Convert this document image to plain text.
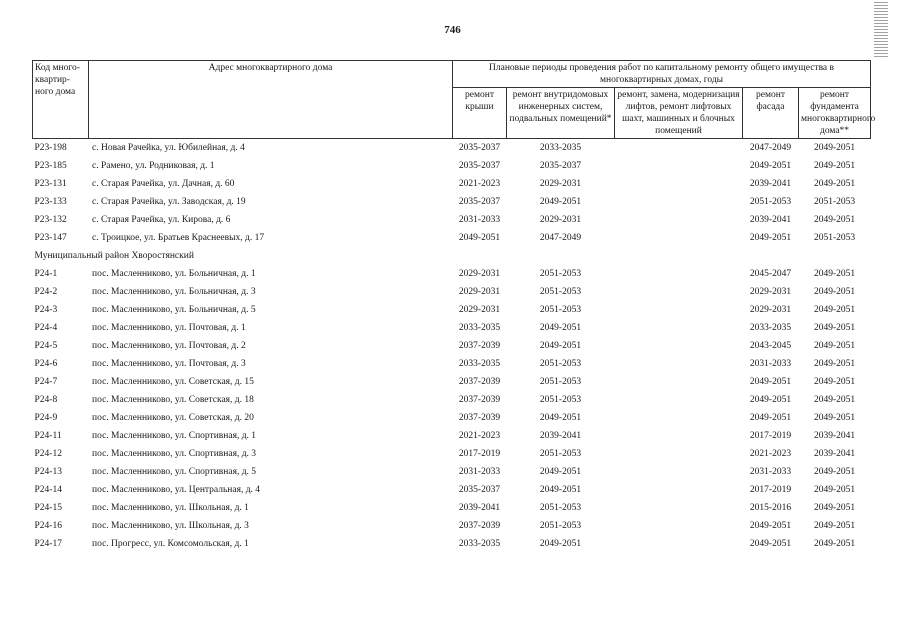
746
Код много-квартир-ного дома	Адрес многоквартирного дома	Плановые периоды проведения работ по капитальному ремонту общего имущества в многоквартирных домах, годы				
		ремонт крыши	ремонт внутридомовых инженерных систем, подвальных помещений*	ремонт, замена, модернизация лифтов, ремонт лифтовых шахт, машинных и блочных помещений	ремонт фасада	ремонт фундамента многоквартирного дома**
P23-198	с. Новая Рачейка, ул. Юбилейная, д. 4	2035-2037	2033-2035		2047-2049	2049-2051
P23-185	с. Рамено, ул. Родниковая, д. 1	2035-2037	2035-2037		2049-2051	2049-2051
P23-131	с. Старая Рачейка, ул. Дачная, д. 60	2021-2023	2029-2031		2039-2041	2049-2051
P23-133	с. Старая Рачейка, ул. Заводская, д. 19	2035-2037	2049-2051		2051-2053	2051-2053
P23-132	с. Старая Рачейка, ул. Кирова, д. 6	2031-2033	2029-2031		2039-2041	2049-2051
P23-147	с. Троицкое, ул. Братьев Краснеевых, д. 17	2049-2051	2047-2049		2049-2051	2051-2053
Муниципальный район Хворостянский						
P24-1	пос. Масленниково, ул. Больничная, д. 1	2029-2031	2051-2053		2045-2047	2049-2051
P24-2	пос. Масленниково, ул. Больничная, д. 3	2029-2031	2051-2053		2029-2031	2049-2051
P24-3	пос. Масленниково, ул. Больничная, д. 5	2029-2031	2051-2053		2029-2031	2049-2051
P24-4	пос. Масленниково, ул. Почтовая, д. 1	2033-2035	2049-2051		2033-2035	2049-2051
P24-5	пос. Масленниково, ул. Почтовая, д. 2	2037-2039	2049-2051		2043-2045	2049-2051
P24-6	пос. Масленниково, ул. Почтовая, д. 3	2033-2035	2051-2053		2031-2033	2049-2051
P24-7	пос. Масленниково, ул. Советская, д. 15	2037-2039	2051-2053		2049-2051	2049-2051
P24-8	пос. Масленниково, ул. Советская, д. 18	2037-2039	2051-2053		2049-2051	2049-2051
P24-9	пос. Масленниково, ул. Советская, д. 20	2037-2039	2049-2051		2049-2051	2049-2051
P24-11	пос. Масленниково, ул. Спортивная, д. 1	2021-2023	2039-2041		2017-2019	2039-2041
P24-12	пос. Масленниково, ул. Спортивная, д. 3	2017-2019	2051-2053		2021-2023	2039-2041
P24-13	пос. Масленниково, ул. Спортивная, д. 5	2031-2033	2049-2051		2031-2033	2049-2051
P24-14	пос. Масленниково, ул. Центральная, д. 4	2035-2037	2049-2051		2017-2019	2049-2051
P24-15	пос. Масленниково, ул. Школьная, д. 1	2039-2041	2051-2053		2015-2016	2049-2051
P24-16	пос. Масленниково, ул. Школьная, д. 3	2037-2039	2051-2053		2049-2051	2049-2051
P24-17	пос. Прогресс, ул. Комсомольская, д. 1	2033-2035	2049-2051		2049-2051	2049-2051
